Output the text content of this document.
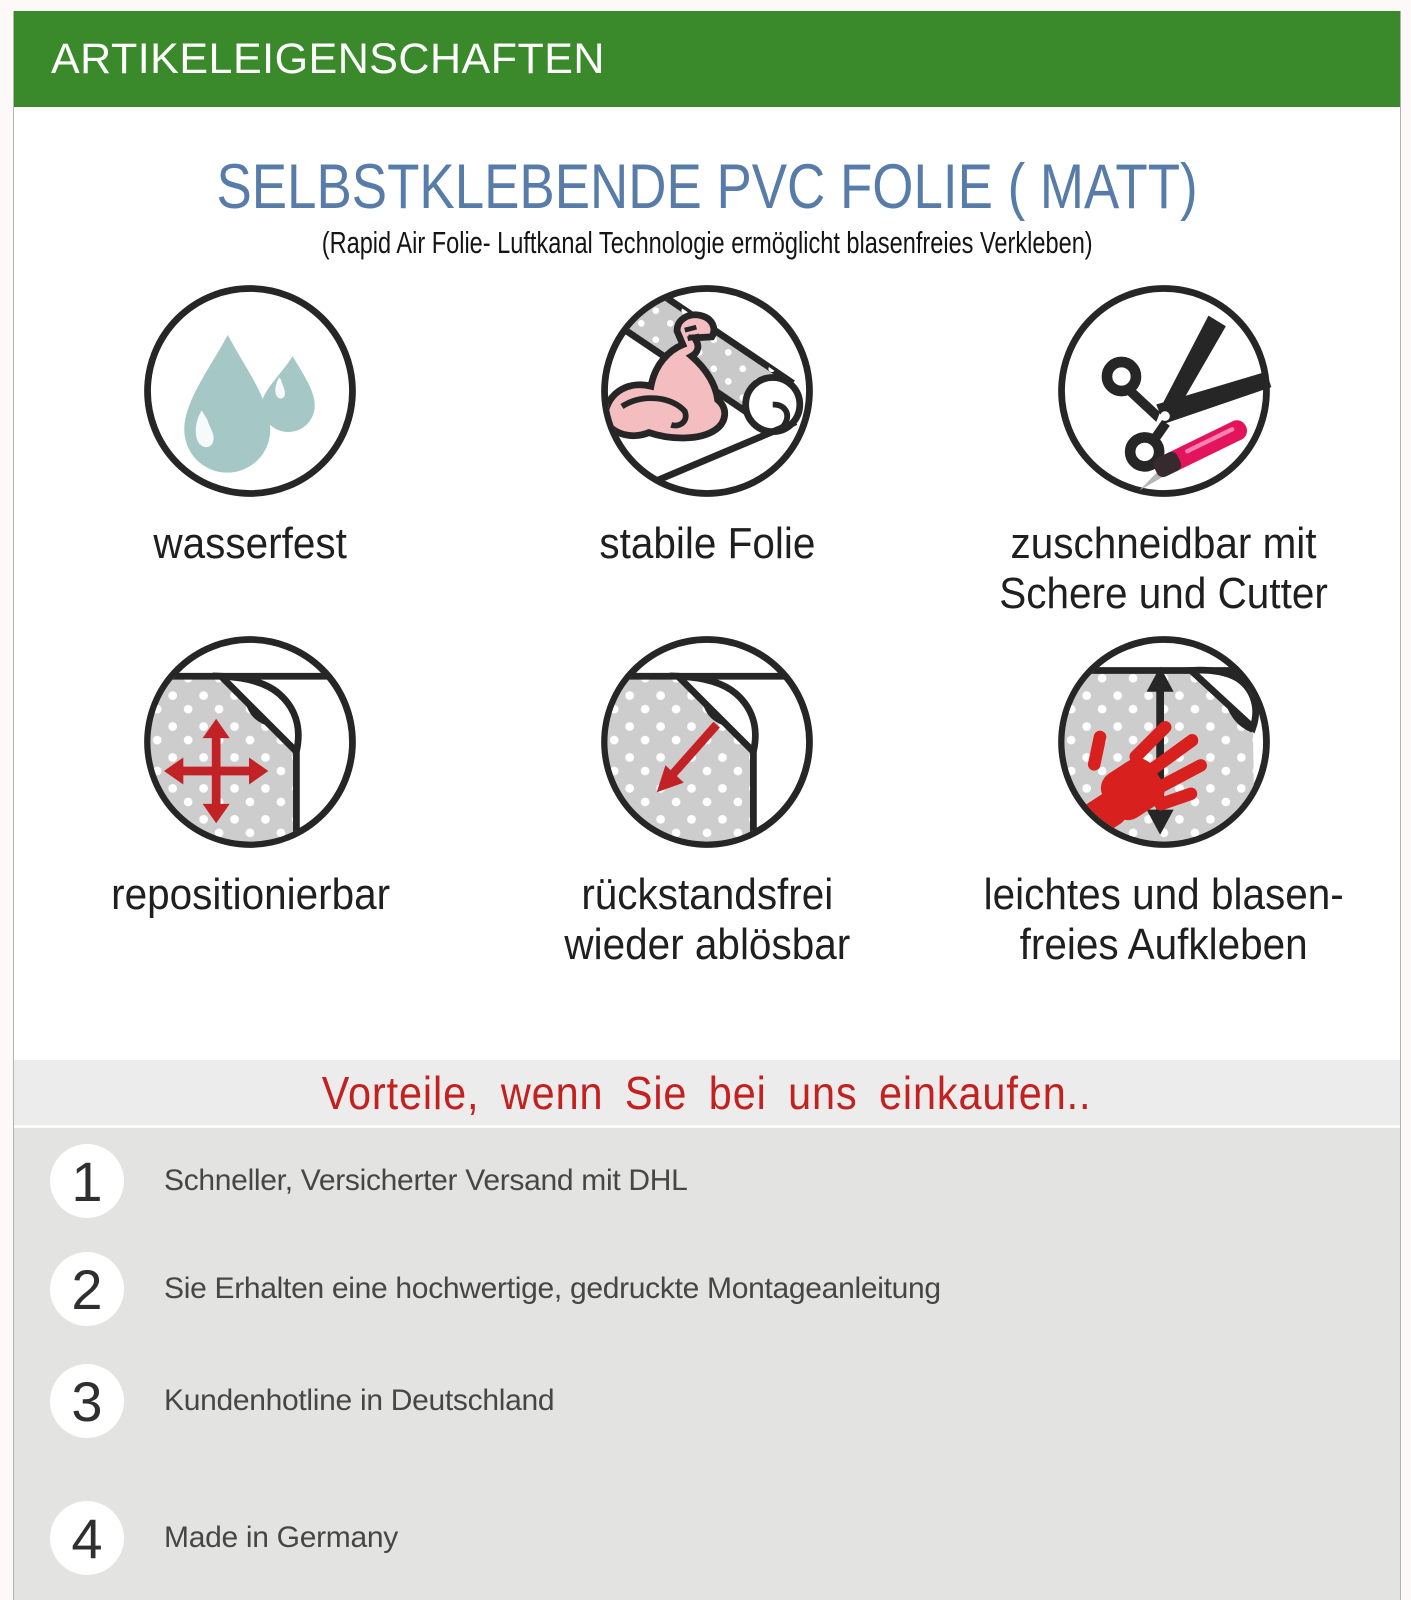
ARTIKELEIGENSCHAFTEN
SELBSTKLEBENDE PVC FOLIE ( MATT)
(Rapid Air Folie- Luftkanal Technologie ermöglicht blasenfreies Verkleben)
wasserfest	stabile Folie	zuschneidbar mit
Schere und Cutter
repositionierbar	rückstandsfrei
wieder ablösbar
leichtes und blasen-
freies Aufkleben
Vorteile, wenn Sie bei uns einkaufen..
1	Schneller, Versicherter Versand mit DHL
2	Sie Erhalten eine hochwertige, gedruckte Montageanleitung
3	Kundenhotline in Deutschland
4	Made in Germany
